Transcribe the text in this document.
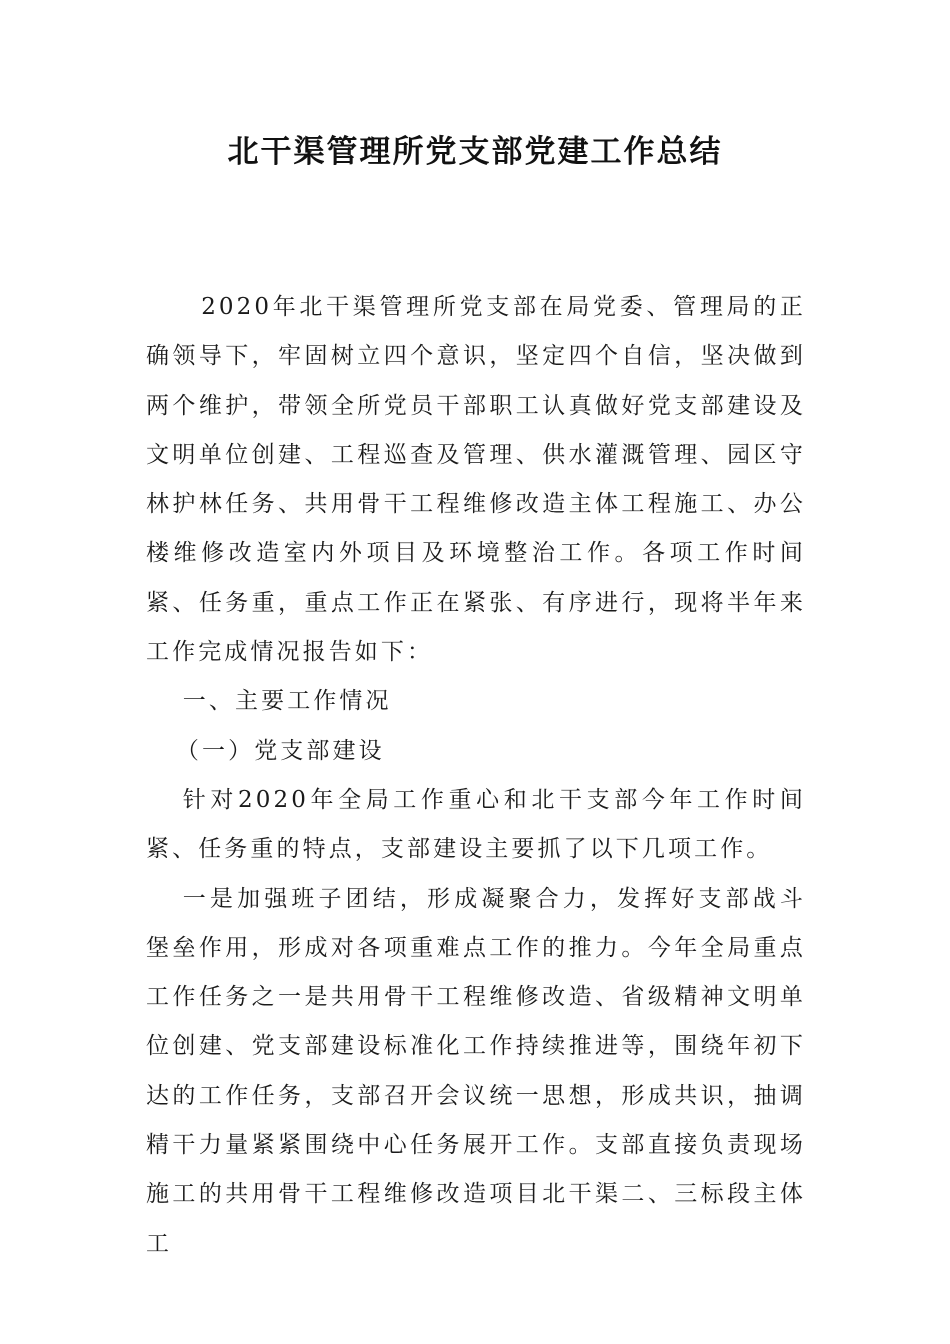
北干渠管理所党支部党建工作总结

2020年北干渠管理所党支部在局党委、管理局的正确领导下，牢固树立四个意识，坚定四个自信，坚决做到两个维护，带领全所党员干部职工认真做好党支部建设及文明单位创建、工程巡查及管理、供水灌溉管理、园区守林护林任务、共用骨干工程维修改造主体工程施工、办公楼维修改造室内外项目及环境整治工作。各项工作时间紧、任务重，重点工作正在紧张、有序进行，现将半年来工作完成情况报告如下：

一、主要工作情况

（一）党支部建设

针对2020年全局工作重心和北干支部今年工作时间紧、任务重的特点，支部建设主要抓了以下几项工作。

一是加强班子团结，形成凝聚合力，发挥好支部战斗堡垒作用，形成对各项重难点工作的推力。今年全局重点工作任务之一是共用骨干工程维修改造、省级精神文明单位创建、党支部建设标准化工作持续推进等，围绕年初下达的工作任务，支部召开会议统一思想，形成共识，抽调精干力量紧紧围绕中心任务展开工作。支部直接负责现场施工的共用骨干工程维修改造项目北干渠二、三标段主体工
